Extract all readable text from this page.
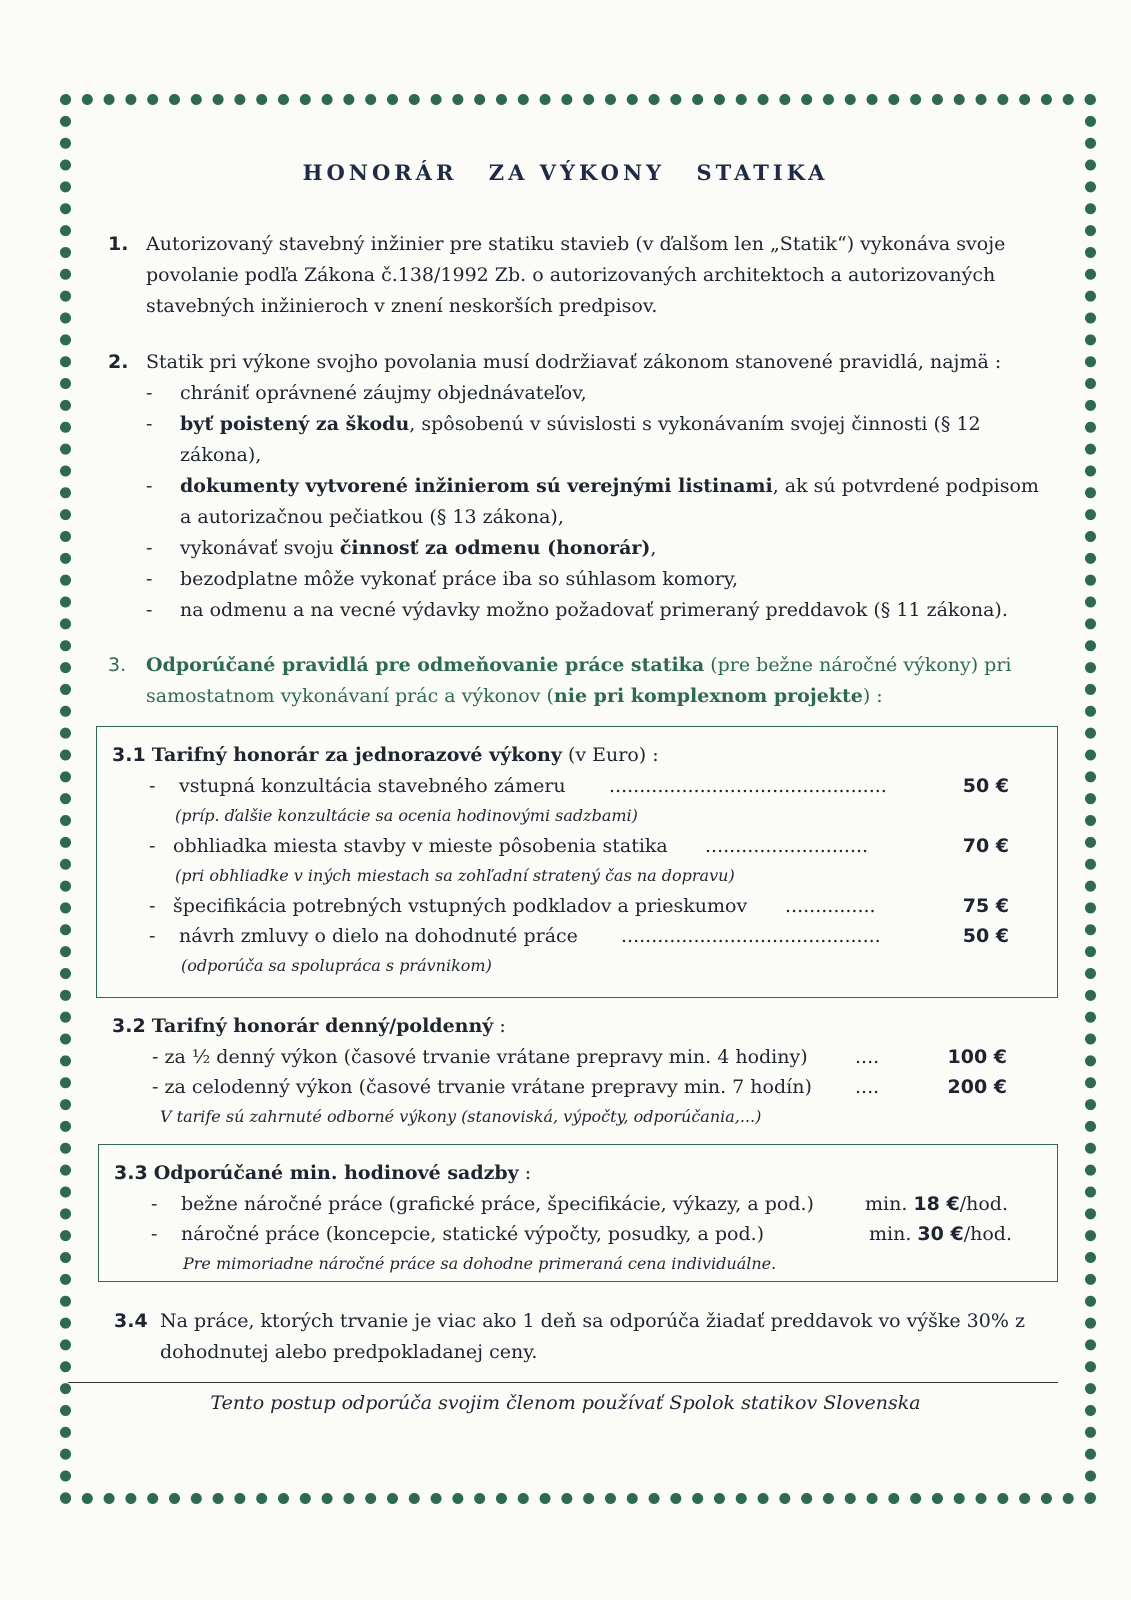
HONORÁR ZA VÝKONY STATIKA
1. Autorizovaný stavebný inžinier pre statiku stavieb (v ďalšom len „Statik“) vykonáva svoje povolanie podľa Zákona č.138/1992 Zb. o autorizovaných architektoch a autorizovaných stavebných inžinieroch v znení neskorších predpisov.
2. Statik pri výkone svojho povolania musí dodržiavať zákonom stanovené pravidlá, najmä :
- chrániť oprávnené záujmy objednávateľov,
- byť poistený za škodu, spôsobenú v súvislosti s vykonávaním svojej činnosti (§ 12 zákona),
- dokumenty vytvorené inžinierom sú verejnými listinami, ak sú potvrdené podpisom a autorizačnou pečiatkou (§ 13 zákona),
- vykonávať svoju činnosť za odmenu (honorár),
- bezodplatne môže vykonať práce iba so súhlasom komory,
- na odmenu a na vecné výdavky možno požadovať primeraný preddavok (§ 11 zákona).
3. Odporúčané pravidlá pre odmeňovanie práce statika (pre bežne náročné výkony) pri samostatnom vykonávaní prác a výkonov (nie pri komplexnom projekte) :
3.1 Tarifný honorár za jednorazové výkony (v Euro) :
- vstupná konzultácia stavebného zámeru ..............................................	50 €
(príp. ďalšie konzultácie sa ocenia hodinovými sadzbami)
- obhliadka miesta stavby v mieste pôsobenia statika ...........................	70 €
(pri obhliadke v iných miestach sa zohľadní stratený čas na dopravu)
- špecifikácia potrebných vstupných podkladov a prieskumov ...............	75 €
- návrh zmluvy o dielo na dohodnuté práce ...........................................	50 €
(odporúča sa spolupráca s právnikom)
3.2 Tarifný honorár denný/poldenný :
- za ½ denný výkon (časové trvanie vrátane prepravy min. 4 hodiny) ....	100 €
- za celodenný výkon (časové trvanie vrátane prepravy min. 7 hodín) ....	200 €
V tarife sú zahrnuté odborné výkony (stanoviská, výpočty, odporúčania,...)
3.3 Odporúčané min. hodinové sadzby :
- bežne náročné práce (grafické práce, špecifikácie, výkazy, a pod.)	min. 18 €/hod.
- náročné práce (koncepcie, statické výpočty, posudky, a pod.)	min. 30 €/hod.
Pre mimoriadne náročné práce sa dohodne primeraná cena individuálne.
3.4 Na práce, ktorých trvanie je viac ako 1 deň sa odporúča žiadať preddavok vo výške 30% z dohodnutej alebo predpokladanej ceny.
Tento postup odporúča svojim členom používať Spolok statikov Slovenska
